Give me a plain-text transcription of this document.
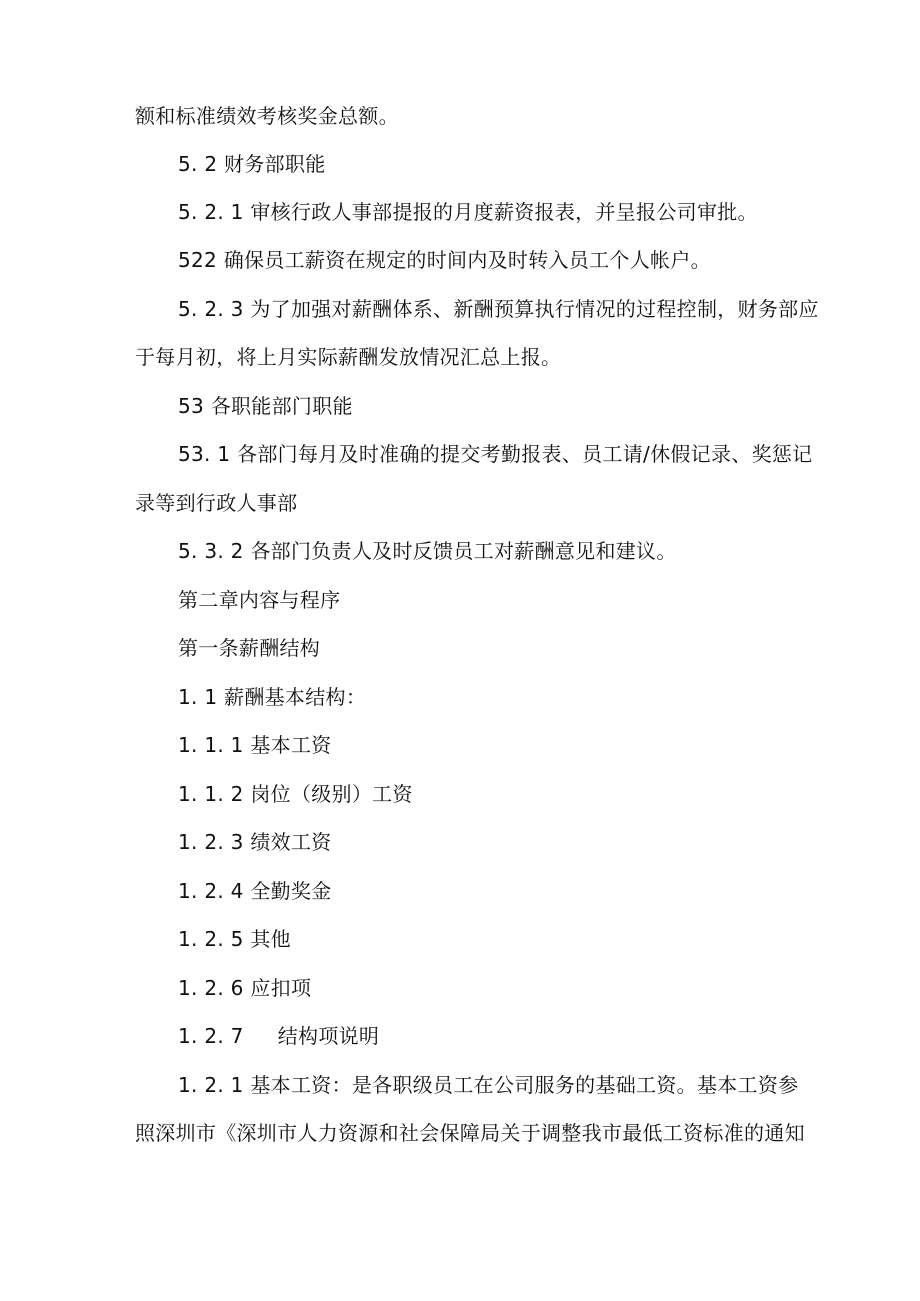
额和标准绩效考核奖金总额。
5. 2 财务部职能
5. 2. 1 审核行政人事部提报的月度薪资报表，并呈报公司审批。
522 确保员工薪资在规定的时间内及时转入员工个人帐户。
5. 2. 3 为了加强对薪酬体系、新酬预算执行情况的过程控制，财务部应
于每月初，将上月实际薪酬发放情况汇总上报。
53 各职能部门职能
53. 1 各部门每月及时准确的提交考勤报表、员工请/休假记录、奖惩记
录等到行政人事部
5. 3. 2 各部门负责人及时反馈员工对薪酬意见和建议。
第二章内容与程序
第一条薪酬结构
1. 1 薪酬基本结构：
1. 1. 1 基本工资
1. 1. 2 岗位（级别）工资
1. 2. 3 绩效工资
1. 2. 4 全勤奖金
1. 2. 5 其他
1. 2. 6 应扣项
1. 2. 7 结构项说明
1. 2. 1 基本工资：是各职级员工在公司服务的基础工资。基本工资参
照深圳市《深圳市人力资源和社会保障局关于调整我市最低工资标准的通知
